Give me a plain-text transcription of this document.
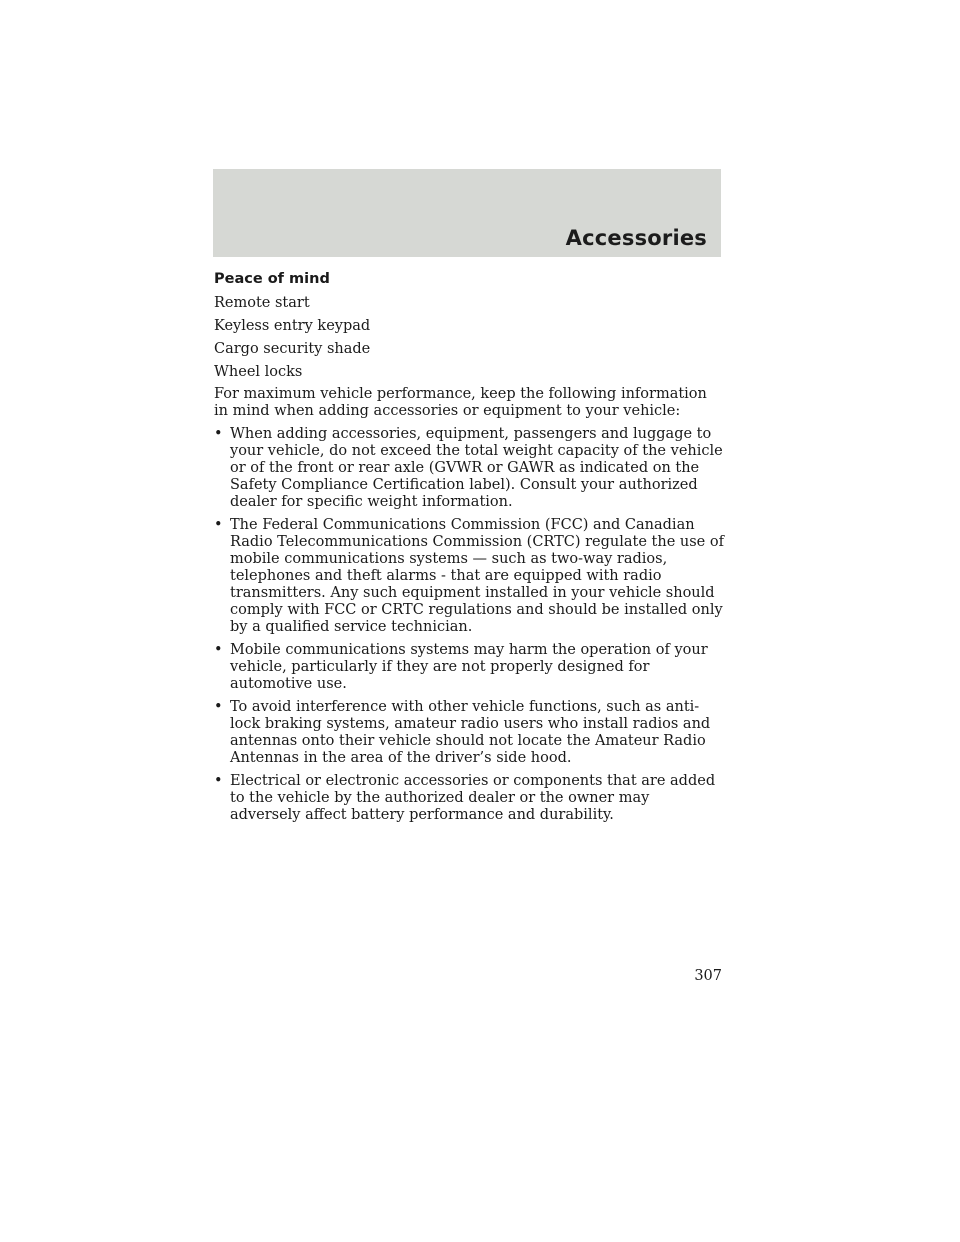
Accessories
Peace of mind
Remote start
Keyless entry keypad
Cargo security shade
Wheel locks

For maximum vehicle performance, keep the following information in mind when adding accessories or equipment to your vehicle:

• When adding accessories, equipment, passengers and luggage to your vehicle, do not exceed the total weight capacity of the vehicle or of the front or rear axle (GVWR or GAWR as indicated on the Safety Compliance Certification label). Consult your authorized dealer for specific weight information.
• The Federal Communications Commission (FCC) and Canadian Radio Telecommunications Commission (CRTC) regulate the use of mobile communications systems — such as two-way radios, telephones and theft alarms - that are equipped with radio transmitters. Any such equipment installed in your vehicle should comply with FCC or CRTC regulations and should be installed only by a qualified service technician.
• Mobile communications systems may harm the operation of your vehicle, particularly if they are not properly designed for automotive use.
• To avoid interference with other vehicle functions, such as anti-lock braking systems, amateur radio users who install radios and antennas onto their vehicle should not locate the Amateur Radio Antennas in the area of the driver’s side hood.
• Electrical or electronic accessories or components that are added to the vehicle by the authorized dealer or the owner may adversely affect battery performance and durability.
307
